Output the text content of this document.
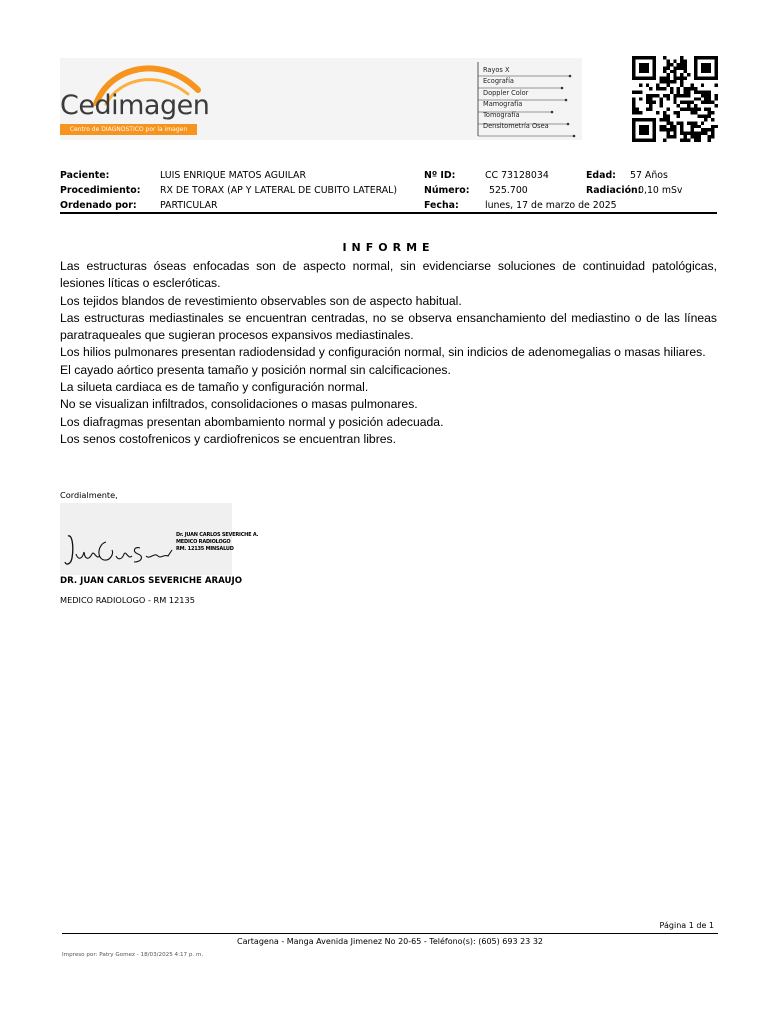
Cedimagen
Centro de DIAGNOSTICO por la imagen
Rayos X
Ecografía
Doppler Color
Mamografía
Tomografía
Densitometría Osea
Paciente:	LUIS ENRIQUE MATOS AGUILAR
Procedimiento: RX DE TORAX (AP Y LATERAL DE CUBITO LATERAL)
Ordenado por: PARTICULAR
Nº ID:	CC 73128034
Número: 525.700
Fecha:	lunes, 17 de marzo de 2025
Edad: 57 Años
Radiación:
0,10 mSv
INFORME

Las estructuras óseas enfocadas son de aspecto normal, sin evidenciarse soluciones de continuidad patológicas, lesiones líticas o escleróticas.

Los tejidos blandos de revestimiento observables son de aspecto habitual.

Las estructuras mediastinales se encuentran centradas, no se observa ensanchamiento del mediastino o de las líneas paratraqueales que sugieran procesos expansivos mediastinales.

Los hilios pulmonares presentan radiodensidad y configuración normal, sin indicios de adenomegalias o masas hiliares.

El cayado aórtico presenta tamaño y posición normal sin calcificaciones.

La silueta cardiaca es de tamaño y configuración normal.

No se visualizan infiltrados, consolidaciones o masas pulmonares.

Los diafragmas presentan abombamiento normal y posición adecuada.

Los senos costofrenicos y cardiofrenicos se encuentran libres.

Cordialmente,
Dr. JUAN CARLOS SEVERICHE A.
MEDICO RADIOLOGO
RM. 12135 MINSALUD
DR. JUAN CARLOS SEVERICHE ARAUJO
MEDICO RADIOLOGO - RM 12135
Página 1 de 1
Cartagena - Manga Avenida Jimenez No 20-65 - Teléfono(s): (605) 693 23 32
Impreso por: Patry Gomez - 18/03/2025 4:17 p. m.
